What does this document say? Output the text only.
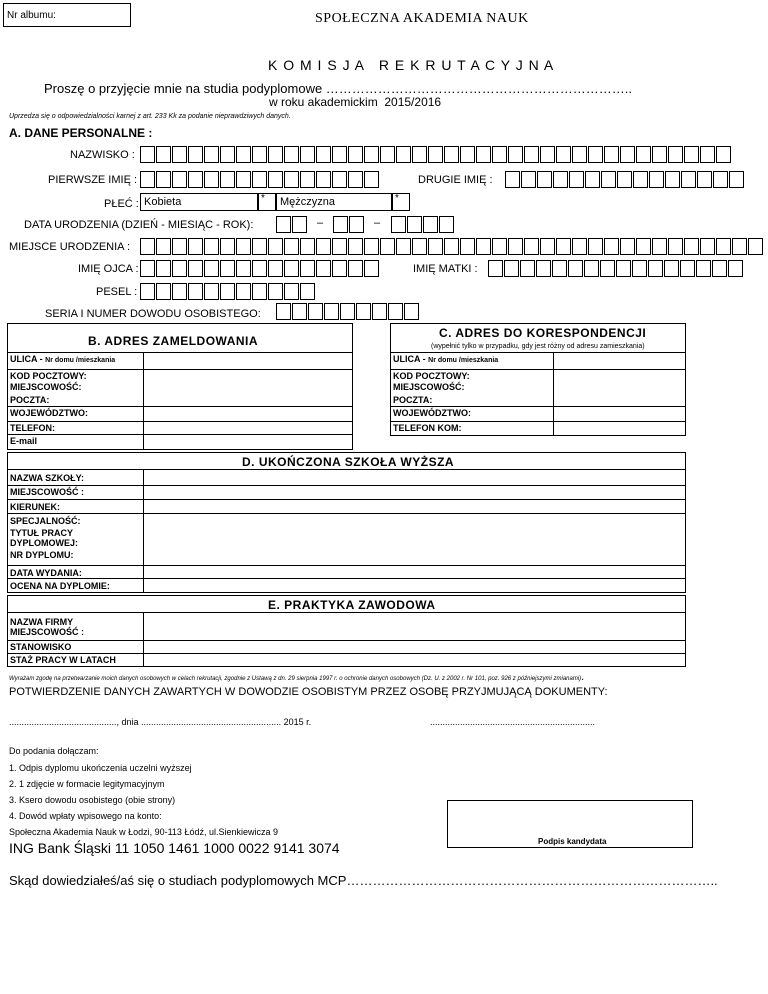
Nr albumu:	SPOŁECZNA AKADEMIA NAUK
K O M I S J A   R E K R U T A C Y J N A
Proszę o przyjęcie mnie na studia podyplomowe ……………………………………………………………..
w roku akademickim  2015/2016
Uprzedza się o odpowiedzialności karnej z art. 233 Kk za podanie nieprawdziwych danych.
A. DANE PERSONALNE :
NAZWISKO :
PIERWSZE IMIĘ :	DRUGIE IMIĘ :
PŁEĆ : Kobieta	* Mężczyzna	*
DATA URODZENIA (DZIEŃ - MIESIĄC - ROK):	–	–
MIEJSCE URODZENIA :
IMIĘ OJCA :	IMIĘ MATKI :
PESEL :
SERIA I NUMER DOWODU OSOBISTEGO:
B. ADRES ZAMELDOWANIA
ULICA - Nr domu /mieszkania
KOD POCZTOWY:
MIEJSCOWOŚĆ:
POCZTA:
WOJEWÓDZTWO:
TELEFON:
E-mail
C. ADRES DO KORESPONDENCJI
(wypełnić tylko w przypadku, gdy jest różny od adresu zamieszkania)
ULICA - Nr domu /mieszkania
KOD POCZTOWY:
MIEJSCOWOŚĆ:
POCZTA:
WOJEWÓDZTWO:
TELEFON KOM:
D. UKOŃCZONA SZKOŁA WYŻSZA
NAZWA SZKOŁY:
MIEJSCOWOŚĆ :
KIERUNEK:
SPECJALNOŚĆ:
TYTUŁ PRACY DYPLOMOWEJ:
NR DYPLOMU:
DATA WYDANIA:
OCENA NA DYPLOMIE:
E. PRAKTYKA ZAWODOWA
NAZWA FIRMY
MIEJSCOWOŚĆ :
STANOWISKO
STAŻ PRACY W LATACH
Wyrażam zgodę na przetwarzanie moich danych osobowych w celach rekrutacji, zgodnie z Ustawą z dn. 29 sierpnia 1997 r. o ochronie danych osobowych (Dz. U. z 2002 r. Nr 101, poz. 926 z późniejszymi zmianami).
POTWIERDZENIE DANYCH ZAWARTYCH W DOWODZIE OSOBISTYM PRZEZ OSOBĘ PRZYJMUJĄCĄ DOKUMENTY:
..........................................., dnia ........................................................ 2015 r.	..................................................................
Do podania dołączam:
1. Odpis dyplomu ukończenia uczelni wyższej
2. 1 zdjęcie w formacie legitymacyjnym
3. Ksero dowodu osobistego (obie strony)
4. Dowód wpłaty wpisowego na konto:
Społeczna Akademia Nauk w Łodzi, 90-113 Łódź, ul.Sienkiewicza 9
ING Bank Śląski 11 1050 1461 1000 0022 9141 3074	Podpis kandydata
Skąd dowiedziałeś/aś się o studiach podyplomowych MCP…………………………………………………………………………..
